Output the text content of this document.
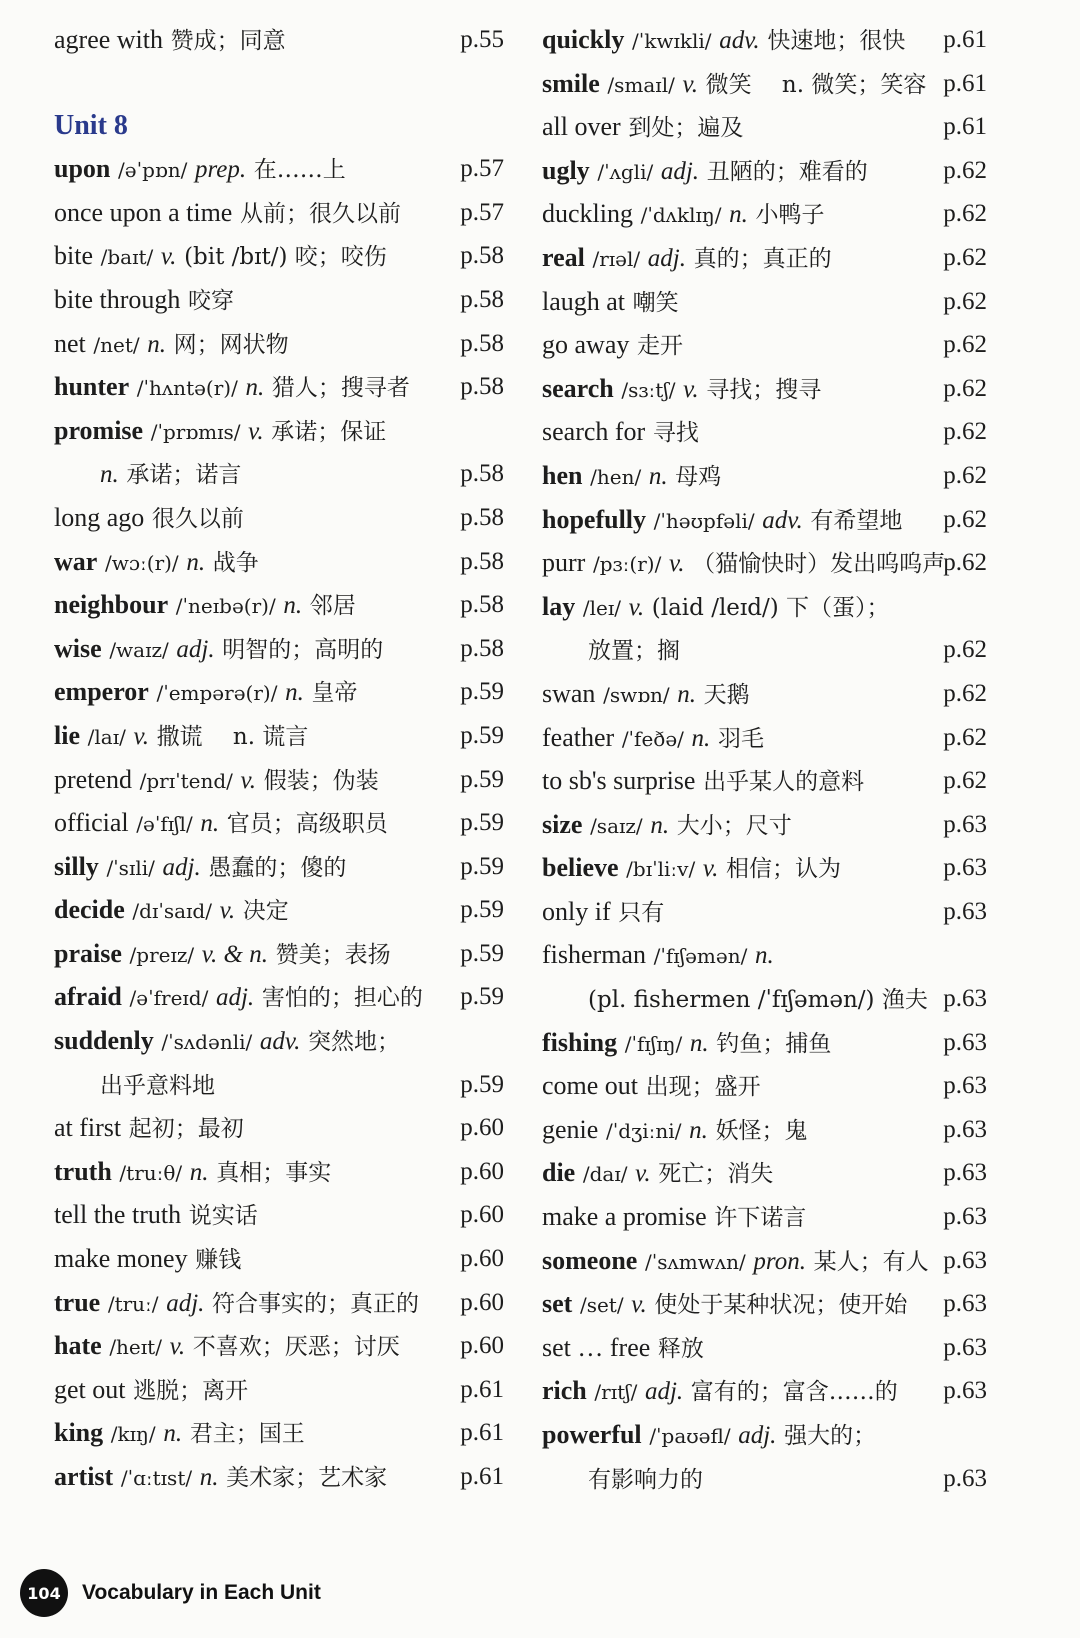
agree with 赞成；同意	p.55
Unit 8
upon /əˈpɒn/ prep. 在……上	p.57
once upon a time 从前；很久以前 p.57
bite /baɪt/ v. (bit /bɪt/) 咬；咬伤	p.58
bite through 咬穿	p.58
net /net/ n. 网；网状物	p.58
hunter /ˈhʌntə(r)/ n. 猎人；搜寻者 p.58
promise /ˈprɒmɪs/ v. 承诺；保证
n. 承诺；诺言	p.58
long ago 很久以前	p.58
war /wɔː(r)/ n. 战争	p.58
neighbour /ˈneɪbə(r)/ n. 邻居	p.58
wise /waɪz/ adj. 明智的；高明的	p.58
emperor /ˈempərə(r)/ n. 皇帝	p.59
lie /laɪ/ v. 撒谎　 n. 谎言	p.59
pretend /prɪˈtend/ v. 假装；伪装	p.59
official /əˈfɪʃl/ n. 官员；高级职员	p.59
silly /ˈsɪli/ adj. 愚蠢的；傻的	p.59
decide /dɪˈsaɪd/ v. 决定	p.59
praise /preɪz/ v. & n. 赞美；表扬	p.59
afraid /əˈfreɪd/ adj. 害怕的；担心的 p.59
suddenly /ˈsʌdənli/ adv. 突然地；
出乎意料地	p.59
at first 起初；最初	p.60
truth /truːθ/ n. 真相；事实	p.60
tell the truth 说实话	p.60
make money 赚钱	p.60
true /truː/ adj. 符合事实的；真正的 p.60
hate /heɪt/ v. 不喜欢；厌恶；讨厌 p.60
get out 逃脱；离开	p.61
king /kɪŋ/ n. 君主；国王	p.61
artist /ˈɑːtɪst/ n. 美术家；艺术家	p.61
quickly /ˈkwɪkli/ adv. 快速地；很快 p.61
smile /smaɪl/ v. 微笑　 n. 微笑；笑容 p.61
all over 到处；遍及	p.61
ugly /ˈʌgli/ adj. 丑陋的；难看的	p.62
duckling /ˈdʌklɪŋ/ n. 小鸭子	p.62
real /rɪəl/ adj. 真的；真正的	p.62
laugh at 嘲笑	p.62
go away 走开	p.62
search /sɜːtʃ/ v. 寻找；搜寻	p.62
search for 寻找	p.62
hen /hen/ n. 母鸡	p.62
hopefully /ˈhəʊpfəli/ adv. 有希望地 p.62
purr /pɜː(r)/ v. （猫愉快时）发出呜呜声
p.62
lay /leɪ/ v. (laid /leɪd/) 下（蛋）；
放置；搁	p.62
swan /swɒn/ n. 天鹅	p.62
feather /ˈfeðə/ n. 羽毛	p.62
to sb's surprise 出乎某人的意料	p.62
size /saɪz/ n. 大小；尺寸	p.63
believe /bɪˈliːv/ v. 相信；认为	p.63
only if 只有	p.63
fisherman /ˈfɪʃəmən/ n.
(pl. fishermen /ˈfɪʃəmən/) 渔夫 p.63
fishing /ˈfɪʃɪŋ/ n. 钓鱼；捕鱼	p.63
come out 出现；盛开	p.63
genie /ˈdʒiːni/ n. 妖怪；鬼	p.63
die /daɪ/ v. 死亡；消失	p.63
make a promise 许下诺言	p.63
someone /ˈsʌmwʌn/ pron. 某人；有人 p.63
set /set/ v. 使处于某种状况；使开始 p.63
set … free 释放	p.63
rich /rɪtʃ/ adj. 富有的；富含……的 p.63
powerful /ˈpaʊəfl/ adj. 强大的；
有影响力的	p.63
104	Vocabulary in Each Unit
